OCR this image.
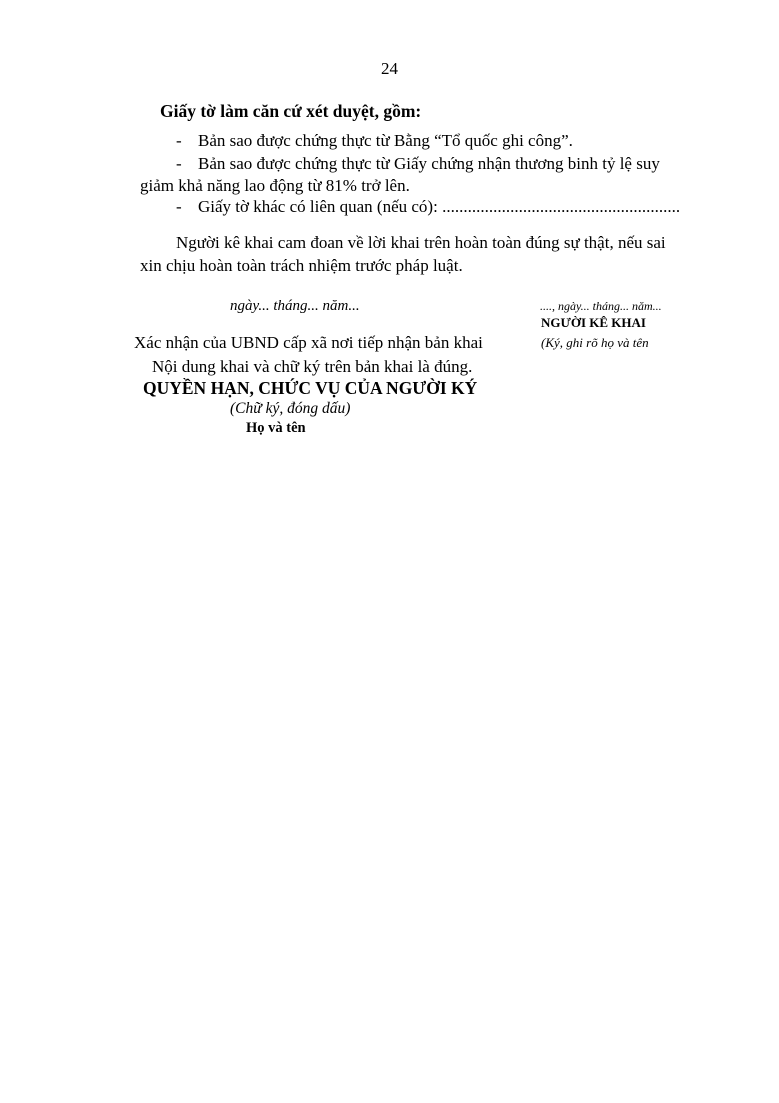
24
Giấy tờ làm căn cứ xét duyệt, gồm:
- Bản sao được chứng thực từ Bằng “Tổ quốc ghi công”.
- Bản sao được chứng thực từ Giấy chứng nhận thương binh tỷ lệ suy
giảm khả năng lao động từ 81% trở lên.
- Giấy tờ khác có liên quan (nếu có): ........................................................
Người kê khai cam đoan về lời khai trên hoàn toàn đúng sự thật, nếu sai
xin chịu hoàn toàn trách nhiệm trước pháp luật.
ngày... tháng... năm...	...., ngày... tháng... năm...
NGƯỜI KÊ KHAI
(Ký, ghi rõ họ và tên
Xác nhận của UBND cấp xã nơi tiếp nhận bản khai
Nội dung khai và chữ ký trên bản khai là đúng.
QUYỀN HẠN, CHỨC VỤ CỦA NGƯỜI KÝ
(Chữ ký, đóng dấu)
Họ và tên
